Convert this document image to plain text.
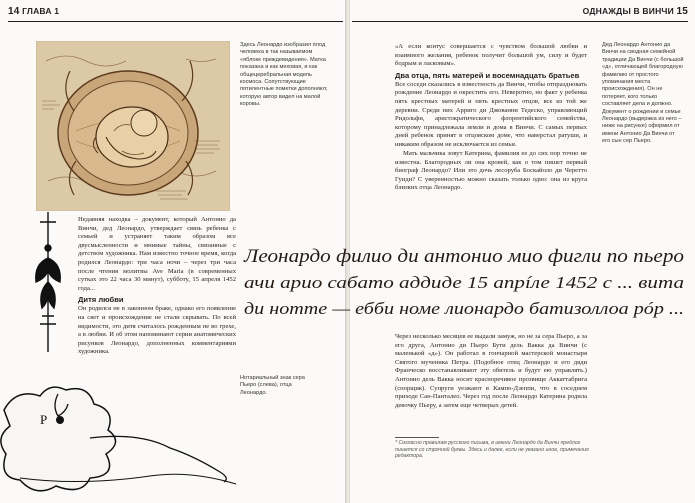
Здесь Леонардо изобразил плод человека в так называемом «яблоке преждевидения». Матка показана и как меховая, и как общецеребральная модель космоса. Сопутствующие пятилентные пометки дополняют, которую автор видел на малой коровы.

Недавняя находка – документ, который Антонио да Винчи, дед Леонардо, утверждает связь ребенка с семьей и устраняет таким образом все двусмысленности и мнимые тайны, связанные с детством художника. Нам известно точное время, когда родился Леонардо: три часа ночи – через три часа после чтения молитвы Ave Maria (в современных сутках это 22 часа 30 минут), субботу, 15 апреля 1452 года...

Дитя любви

Он родился не в законном браке, однако его появление на свет и происхождение не стали скрывать. По всей видимости, это дитя считалось рожденным не во грехе, а в любви. И об этом напоминают серии анатомических рисунков Леонардо, дополненных комментариями художника.

P
Нотариальный знак сера Пьеро (слева), отца Леонардо.
14 ГЛАВА 1	ОДНАЖДЫ В ВИНЧИ 15

«А если контус совершается с чувством большой любви и взаимного желания, ребенок получит большой ум, силу и будет бодрым и ласковым».

Два отца, пять матерей и восемнадцать братьев

Все соседи сказались в известность да Винчи, чтобы отпраздновать рождение Леонардо и окрестить его. Неверотно, но факт у ребенка пять крестных матерей и пять крестных отцов, все из той же деревни. Среди них Арриго ди Джованни Тедеско, управляющий Ридольфи, аристократического флорентийского семейства, которому принадлежала земли и дома в Винчи. С самых первых дней ребенок принят в отцовском доме, что наверстал ратуши, и никаким образом не исключается из семьи.

Мать мальчика зовут Катерина, фамилия ее до сих пор точно не известна. Благородных ли она кровей, как о том пишет первый биограф Леонардо? Или это дочь лесоруба Боскайоло ди Черетто Гуиди? С уверенностью можно сказать только одно: она из круга близких отца Леонардо.

Дед Леонардо Антонио да Винчи на сводная семейной традиции Да Винчи (с большой «д», отличающей благородную фамилию от простого упоминания места происхождения). Он не потеряет, кого только составляет дела и должно. Документ о рождении и семье Леонардо (выдержка из него – ниже на рисунке) оформил от имени Антонио Да Винчи от его сын сер Пьеро.

Через несколько месяцев ее выдали замуж, но не за сера Пьеро, а за его друга, Антонио ди Пьеро Бути дель Вакка да Винчи (с маленькой «д»). Он работал в гончарной мастерской монастыря Святого мученика Петра. (Подобное отец Леонардо и его дяди Франческо восстанавливают эту обитель и будут ею управлять.) Антонио дель Вакка носит красноречивое прозвище Аккаттабрига (спорщик). Супруги уезжают в Кампо-Дзеппи, что в соседнем приходе Сан-Панталео. Через год после Леонардо Катерина родила девочку Пьеру, а затем еще четверых детей.

* Согласно правилам русского письма, в имени Леонардо да Винчи предлог пишется со строчной буквы. Здесь и далее, если не указано иное, примечания редактора.
Леонардо филио ди антонио мио фигли по пьеро
ачи арио сабато аддиде 15 апрíле 1452 с ... вита
ди нотте — ебби номе лионардо батизоллоа рóр ...
